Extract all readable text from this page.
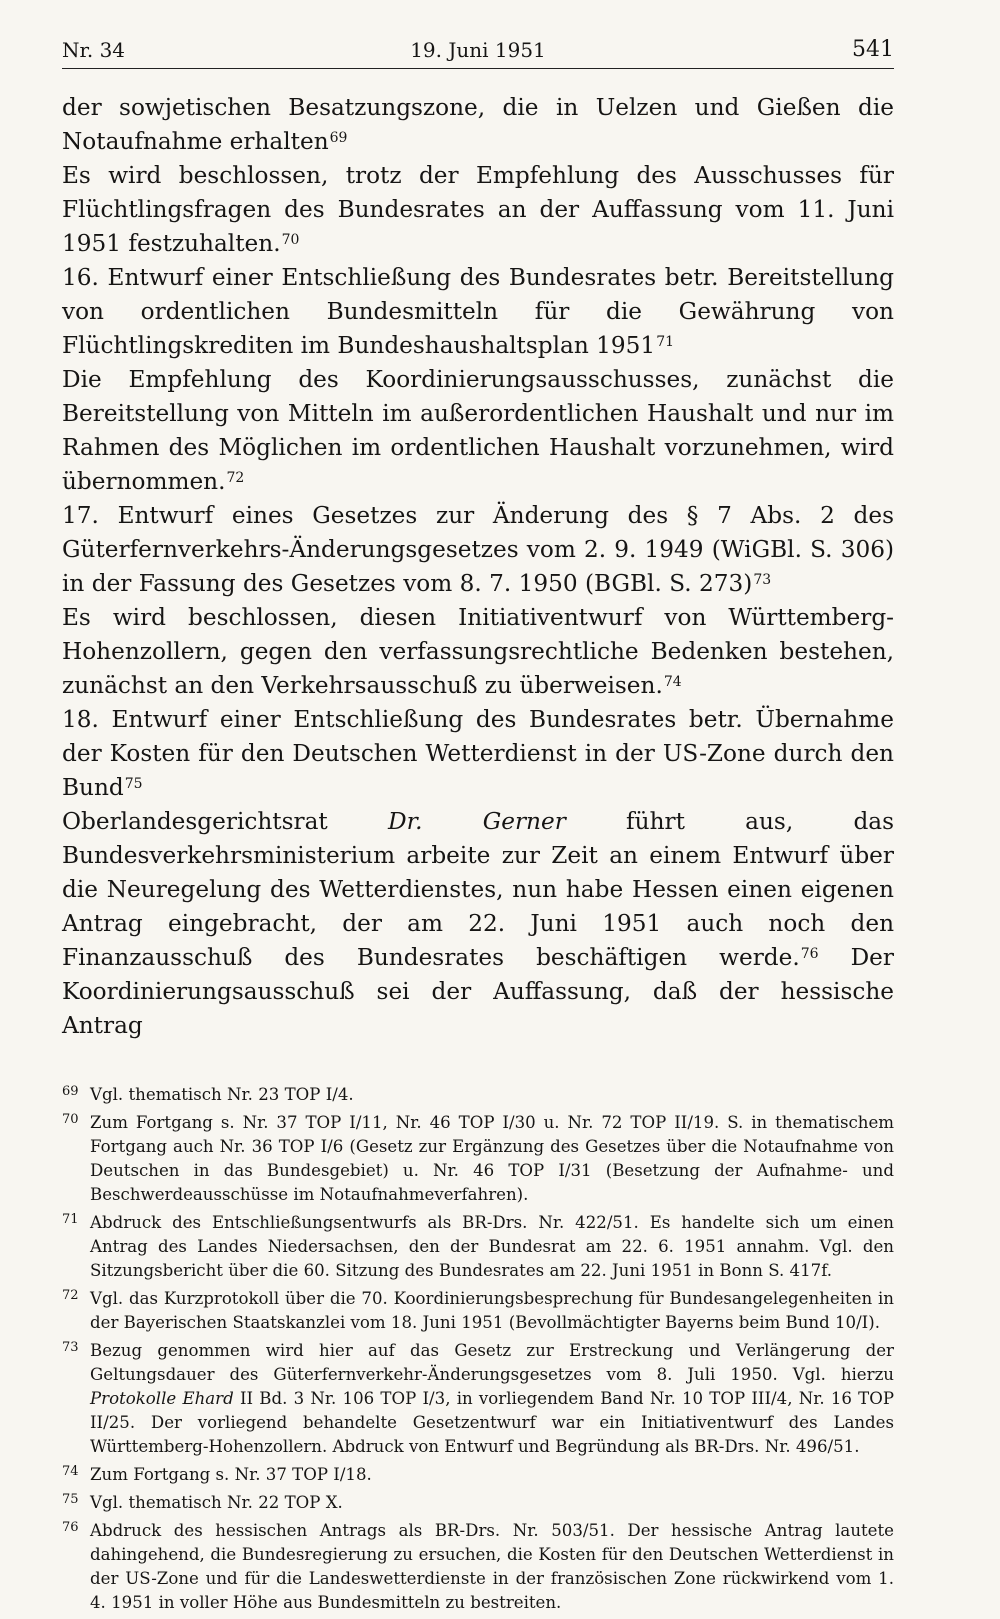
Nr. 34	19. Juni 1951	541

der sowjetischen Besatzungszone, die in Uelzen und Gießen die Notaufnahme erhalten$^{69}$

Es wird beschlossen, trotz der Empfehlung des Ausschusses für Flüchtlingsfragen des Bundesrates an der Auffassung vom 11. Juni 1951 festzuhalten.$^{70}$

16. Entwurf einer Entschließung des Bundesrates betr. Bereitstellung von ordentlichen Bundesmitteln für die Gewährung von Flüchtlingskrediten im Bundeshaushaltsplan 1951$^{71}$

Die Empfehlung des Koordinierungsausschusses, zunächst die Bereitstellung von Mitteln im außerordentlichen Haushalt und nur im Rahmen des Möglichen im ordentlichen Haushalt vorzunehmen, wird übernommen.$^{72}$

17. Entwurf eines Gesetzes zur Änderung des § 7 Abs. 2 des Güterfernverkehrs-Änderungsgesetzes vom 2. 9. 1949 (WiGBl. S. 306) in der Fassung des Gesetzes vom 8. 7. 1950 (BGBl. S. 273)$^{73}$

Es wird beschlossen, diesen Initiativentwurf von Württemberg-Hohenzollern, gegen den verfassungsrechtliche Bedenken bestehen, zunächst an den Verkehrsausschuß zu überweisen.$^{74}$

18. Entwurf einer Entschließung des Bundesrates betr. Übernahme der Kosten für den Deutschen Wetterdienst in der US-Zone durch den Bund$^{75}$

Oberlandesgerichtsrat Dr. Gerner führt aus, das Bundesverkehrsministerium arbeite zur Zeit an einem Entwurf über die Neuregelung des Wetterdienstes, nun habe Hessen einen eigenen Antrag eingebracht, der am 22. Juni 1951 auch noch den Finanzausschuß des Bundesrates beschäftigen werde.$^{76}$ Der Koordinierungsausschuß sei der Auffassung, daß der hessische Antrag

69 Vgl. thematisch Nr. 23 TOP I/4.
70 Zum Fortgang s. Nr. 37 TOP I/11, Nr. 46 TOP I/30 u. Nr. 72 TOP II/19. S. in thematischem Fortgang auch Nr. 36 TOP I/6 (Gesetz zur Ergänzung des Gesetzes über die Notaufnahme von Deutschen in das Bundesgebiet) u. Nr. 46 TOP I/31 (Besetzung der Aufnahme- und Beschwerdeausschüsse im Notaufnahmeverfahren).
71 Abdruck des Entschließungsentwurfs als BR-Drs. Nr. 422/51. Es handelte sich um einen Antrag des Landes Niedersachsen, den der Bundesrat am 22. 6. 1951 annahm. Vgl. den Sitzungsbericht über die 60. Sitzung des Bundesrates am 22. Juni 1951 in Bonn S. 417f.
72 Vgl. das Kurzprotokoll über die 70. Koordinierungsbesprechung für Bundesangelegenheiten in der Bayerischen Staatskanzlei vom 18. Juni 1951 (Bevollmächtigter Bayerns beim Bund 10/I).
73 Bezug genommen wird hier auf das Gesetz zur Erstreckung und Verlängerung der Geltungsdauer des Güterfernverkehr-Änderungsgesetzes vom 8. Juli 1950. Vgl. hierzu Protokolle Ehard II Bd. 3 Nr. 106 TOP I/3, in vorliegendem Band Nr. 10 TOP III/4, Nr. 16 TOP II/25. Der vorliegend behandelte Gesetzentwurf war ein Initiativentwurf des Landes Württemberg-Hohenzollern. Abdruck von Entwurf und Begründung als BR-Drs. Nr. 496/51.
74 Zum Fortgang s. Nr. 37 TOP I/18.
75 Vgl. thematisch Nr. 22 TOP X.
76 Abdruck des hessischen Antrags als BR-Drs. Nr. 503/51. Der hessische Antrag lautete dahingehend, die Bundesregierung zu ersuchen, die Kosten für den Deutschen Wetterdienst in der US-Zone und für die Landeswetterdienste in der französischen Zone rückwirkend vom 1. 4. 1951 in voller Höhe aus Bundesmitteln zu bestreiten.
